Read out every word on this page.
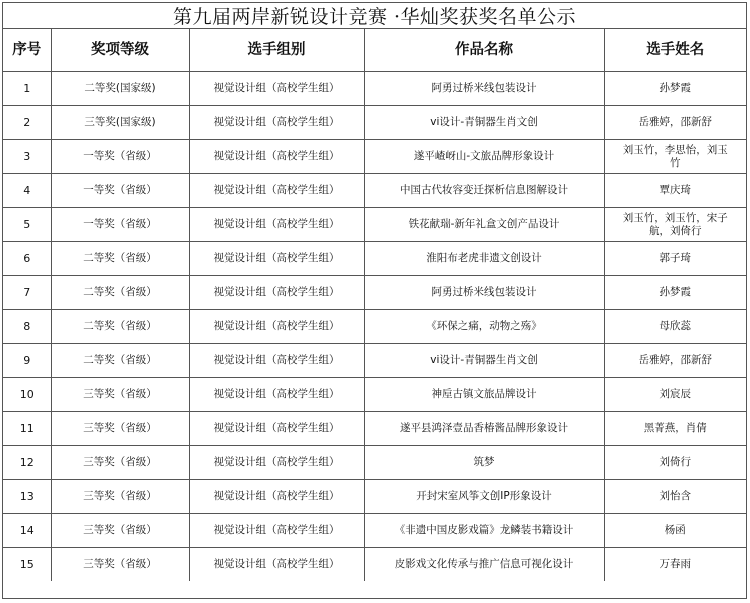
第九届两岸新锐设计竞赛 ·华灿奖获奖名单公示
序号	奖项等级	选手组别	作品名称	选手姓名
1	二等奖(国家级)	视觉设计组（高校学生组）	阿勇过桥米线包装设计	孙梦霞
2	三等奖(国家级)	视觉设计组（高校学生组）	vi设计-青铜器生肖文创	岳雅婷，邵新舒
3	一等奖（省级）	视觉设计组（高校学生组）	遂平嵖岈山-文旅品牌形象设计	刘玉竹，李思怡，刘玉竹
4	一等奖（省级）	视觉设计组（高校学生组）	中国古代妆容变迁探析信息图解设计	覃庆琦
5	一等奖（省级）	视觉设计组（高校学生组）	铁花献瑞-新年礼盒文创产品设计	刘玉竹，刘玉竹，宋子航，刘倚行
6	二等奖（省级）	视觉设计组（高校学生组）	淮阳布老虎非遗文创设计	郭子琦
7	二等奖（省级）	视觉设计组（高校学生组）	阿勇过桥米线包装设计	孙梦霞
8	二等奖（省级）	视觉设计组（高校学生组）	《环保之痛，动物之殇》	母欣蕊
9	二等奖（省级）	视觉设计组（高校学生组）	vi设计-青铜器生肖文创	岳雅婷，邵新舒
10	三等奖（省级）	视觉设计组（高校学生组）	神垕古镇文旅品牌设计	刘宸辰
11	三等奖（省级）	视觉设计组（高校学生组）	遂平县鸿泽壹品香椿酱品牌形象设计	黑菁燕，肖倩
12	三等奖（省级）	视觉设计组（高校学生组）	筑梦	刘倚行
13	三等奖（省级）	视觉设计组（高校学生组）	开封宋室风筝文创IP形象设计	刘怡含
14	三等奖（省级）	视觉设计组（高校学生组）	《非遗中国皮影戏篇》龙鳞装书籍设计	杨函
15	三等奖（省级）	视觉设计组（高校学生组）	皮影戏文化传承与推广信息可视化设计	万春雨
